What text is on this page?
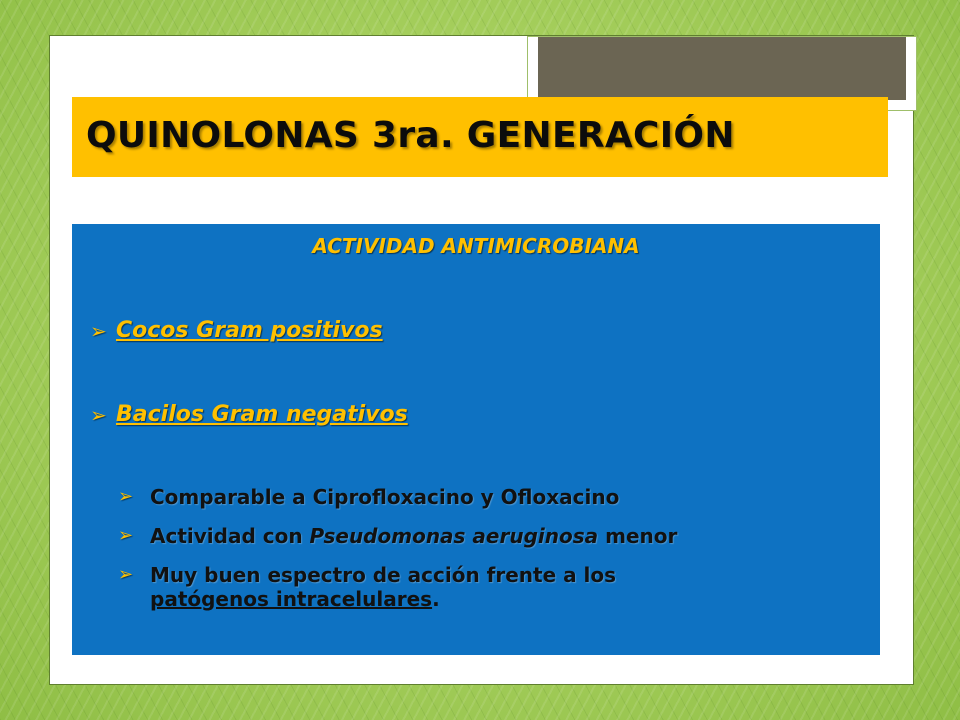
QUINOLONAS 3ra. GENERACIÓN
ACTIVIDAD ANTIMICROBIANA
➢ Cocos Gram positivos
➢ Bacilos Gram negativos
➢ Comparable a Ciprofloxacino y Ofloxacino
➢ Actividad con Pseudomonas aeruginosa menor
➢ Muy buen espectro de acción frente a los
patógenos intracelulares.
